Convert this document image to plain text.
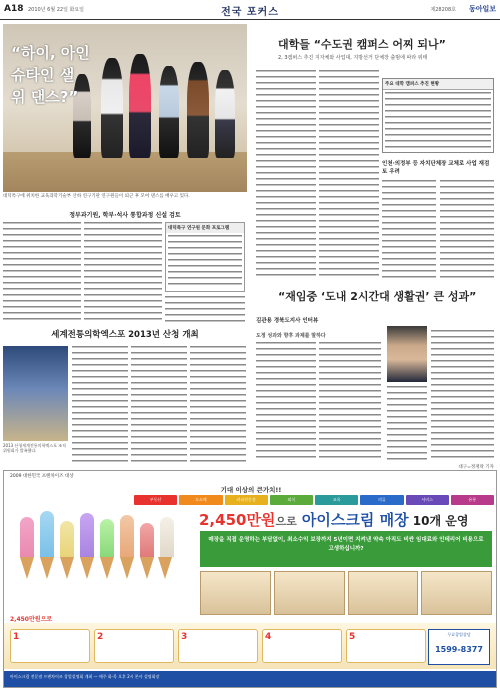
A18 2010년 6월 22일 화요일	전국 포커스	제28208호 동아일보
“하이, 아인슈타인 샐 위 댄스?”
대덕특구에 위치한 교육과학기술부 산하 연구기관 연구원들이 퇴근 후 모여 댄스를 배우고 있다.
정부과기원, 학부·석사 통합과정 신설 검토
대덕특구 연구원 문화 프로그램
세계전통의학엑스포 2013년 산청 개최
2013 산청세계전통의학엑스포 조직위원회가 발족했다.
대학들 “수도권 캠퍼스 어찌 되나”
2, 3캠퍼스 추진 지자체와 사업대, 지방선거 단체장 출범에 따라 위태
주요 대학 캠퍼스 추진 현황
인천·의정부 등 자치단체장 교체로 사업 재검토 우려
“재임중 ‘도내 2시간대 생활권’ 큰 성과”
김관용 경북도지사 인터뷰
도정 성과와 향후 과제를 말하다
대구=정재락 기자
2009 대한민국 프랜차이즈 대상
기대 이상의 큰가치!!
부동산	도소매	커피전문점	외식	교육	의류	서비스	유통
2,450만원으로 아이스크림 매장 10개 운영
매장을 직접 운영하는 부담없이, 최소수익 보장까지 5년이면 지켜낸 약속 아직도 비싼 임대료와 인테리어 비용으로 고생하십니까?
2,450만원으로
1	2	3	4	5	무료창업상담
1599-8377
아이스크림 전문점 프랜차이즈 창업설명회 개최 — 매주 화·목 오후 2시 본사 설명회장
